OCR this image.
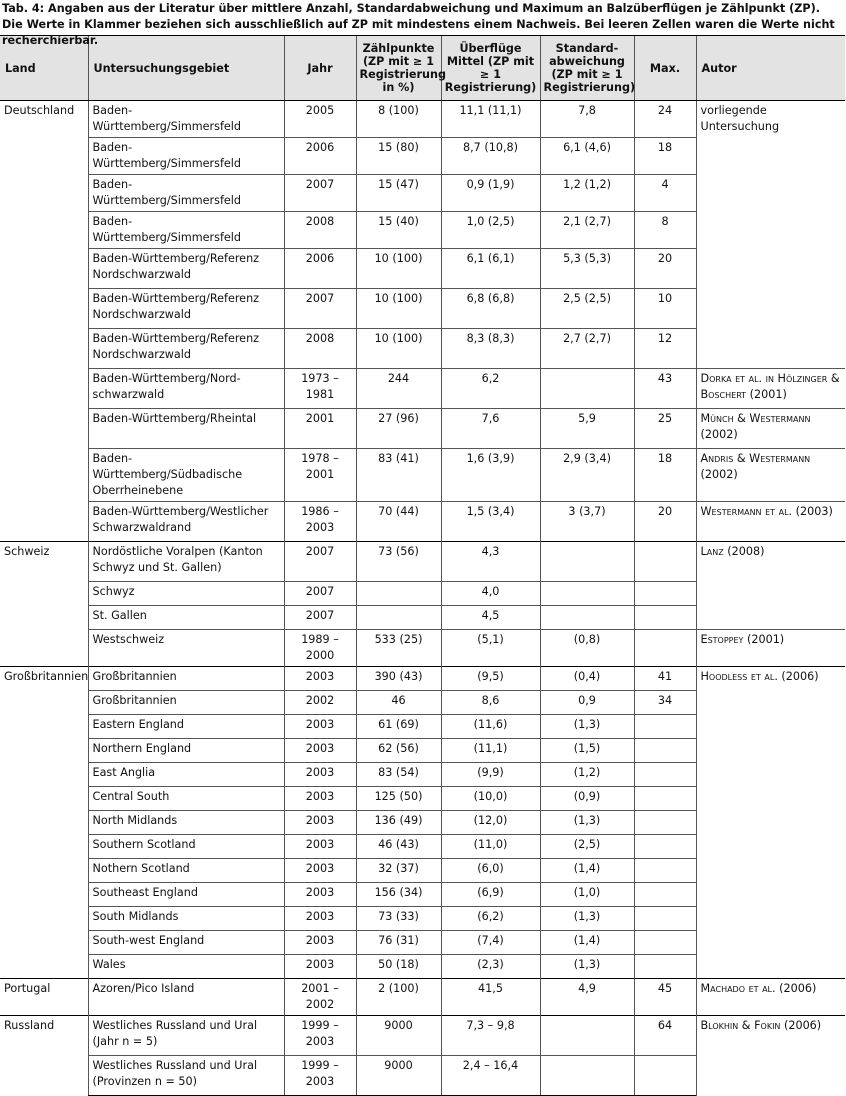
Tab. 4: Angaben aus der Literatur über mittlere Anzahl, Standardabweichung und Maximum an Balzüberflügen je Zählpunkt (ZP). Die Werte in Klammer beziehen sich ausschließlich auf ZP mit mindestens einem Nachweis. Bei leeren Zellen waren die Werte nicht recherchierbar.
Land	Untersuchungsgebiet	Jahr	Zählpunkte (ZP mit ≥ 1 Registrierung in %)	Überflüge Mittel (ZP mit ≥ 1 Registrierung)	Standard-abweichung (ZP mit ≥ 1 Registrierung)	Max.	Autor
Deutschland	Baden-Württemberg/Simmersfeld	2005	8 (100)	11,1 (11,1)	7,8	24	vorliegende Untersuchung
	Baden-Württemberg/Simmersfeld	2006	15 (80)	8,7 (10,8)	6,1 (4,6)	18	
	Baden-Württemberg/Simmersfeld	2007	15 (47)	0,9 (1,9)	1,2 (1,2)	4	
	Baden-Württemberg/Simmersfeld	2008	15 (40)	1,0 (2,5)	2,1 (2,7)	8	
	Baden-Württemberg/Referenz Nordschwarzwald	2006	10 (100)	6,1 (6,1)	5,3 (5,3)	20	
	Baden-Württemberg/Referenz Nordschwarzwald	2007	10 (100)	6,8 (6,8)	2,5 (2,5)	10	
	Baden-Württemberg/Referenz Nordschwarzwald	2008	10 (100)	8,3 (8,3)	2,7 (2,7)	12	
	Baden-Württemberg/Nord-schwarzwald	1973 – 1981	244	6,2		43	Dorka et al. in Hölzinger & Boschert (2001)
	Baden-Württemberg/Rheintal	2001	27 (96)	7,6	5,9	25	Münch & Westermann (2002)
	Baden-Württemberg/Südbadische Oberrheinebene	1978 – 2001	83 (41)	1,6 (3,9)	2,9 (3,4)	18	Andris & Westermann (2002)
	Baden-Württemberg/Westlicher Schwarzwaldrand	1986 – 2003	70 (44)	1,5 (3,4)	3 (3,7)	20	Westermann et al. (2003)
Schweiz	Nordöstliche Voralpen (Kanton Schwyz und St. Gallen)	2007	73 (56)	4,3			Lanz (2008)
	Schwyz	2007		4,0			
	St. Gallen	2007		4,5			
	Westschweiz	1989 – 2000	533 (25)	(5,1)	(0,8)		Estoppey (2001)
Großbritannien	Großbritannien	2003	390 (43)	(9,5)	(0,4)	41	Hoodless et al. (2006)
	Großbritannien	2002	46	8,6	0,9	34	
	Eastern England	2003	61 (69)	(11,6)	(1,3)		
	Northern England	2003	62 (56)	(11,1)	(1,5)		
	East Anglia	2003	83 (54)	(9,9)	(1,2)		
	Central South	2003	125 (50)	(10,0)	(0,9)		
	North Midlands	2003	136 (49)	(12,0)	(1,3)		
	Southern Scotland	2003	46 (43)	(11,0)	(2,5)		
	Nothern Scotland	2003	32 (37)	(6,0)	(1,4)		
	Southeast England	2003	156 (34)	(6,9)	(1,0)		
	South Midlands	2003	73 (33)	(6,2)	(1,3)		
	South-west England	2003	76 (31)	(7,4)	(1,4)		
	Wales	2003	50 (18)	(2,3)	(1,3)		
Portugal	Azoren/Pico Island	2001 – 2002	2 (100)	41,5	4,9	45	Machado et al. (2006)
Russland	Westliches Russland und Ural (Jahr n = 5)	1999 – 2003	9000	7,3 – 9,8		64	Blokhin & Fokin (2006)
	Westliches Russland und Ural (Provinzen n = 50)	1999 – 2003	9000	2,4 – 16,4			
